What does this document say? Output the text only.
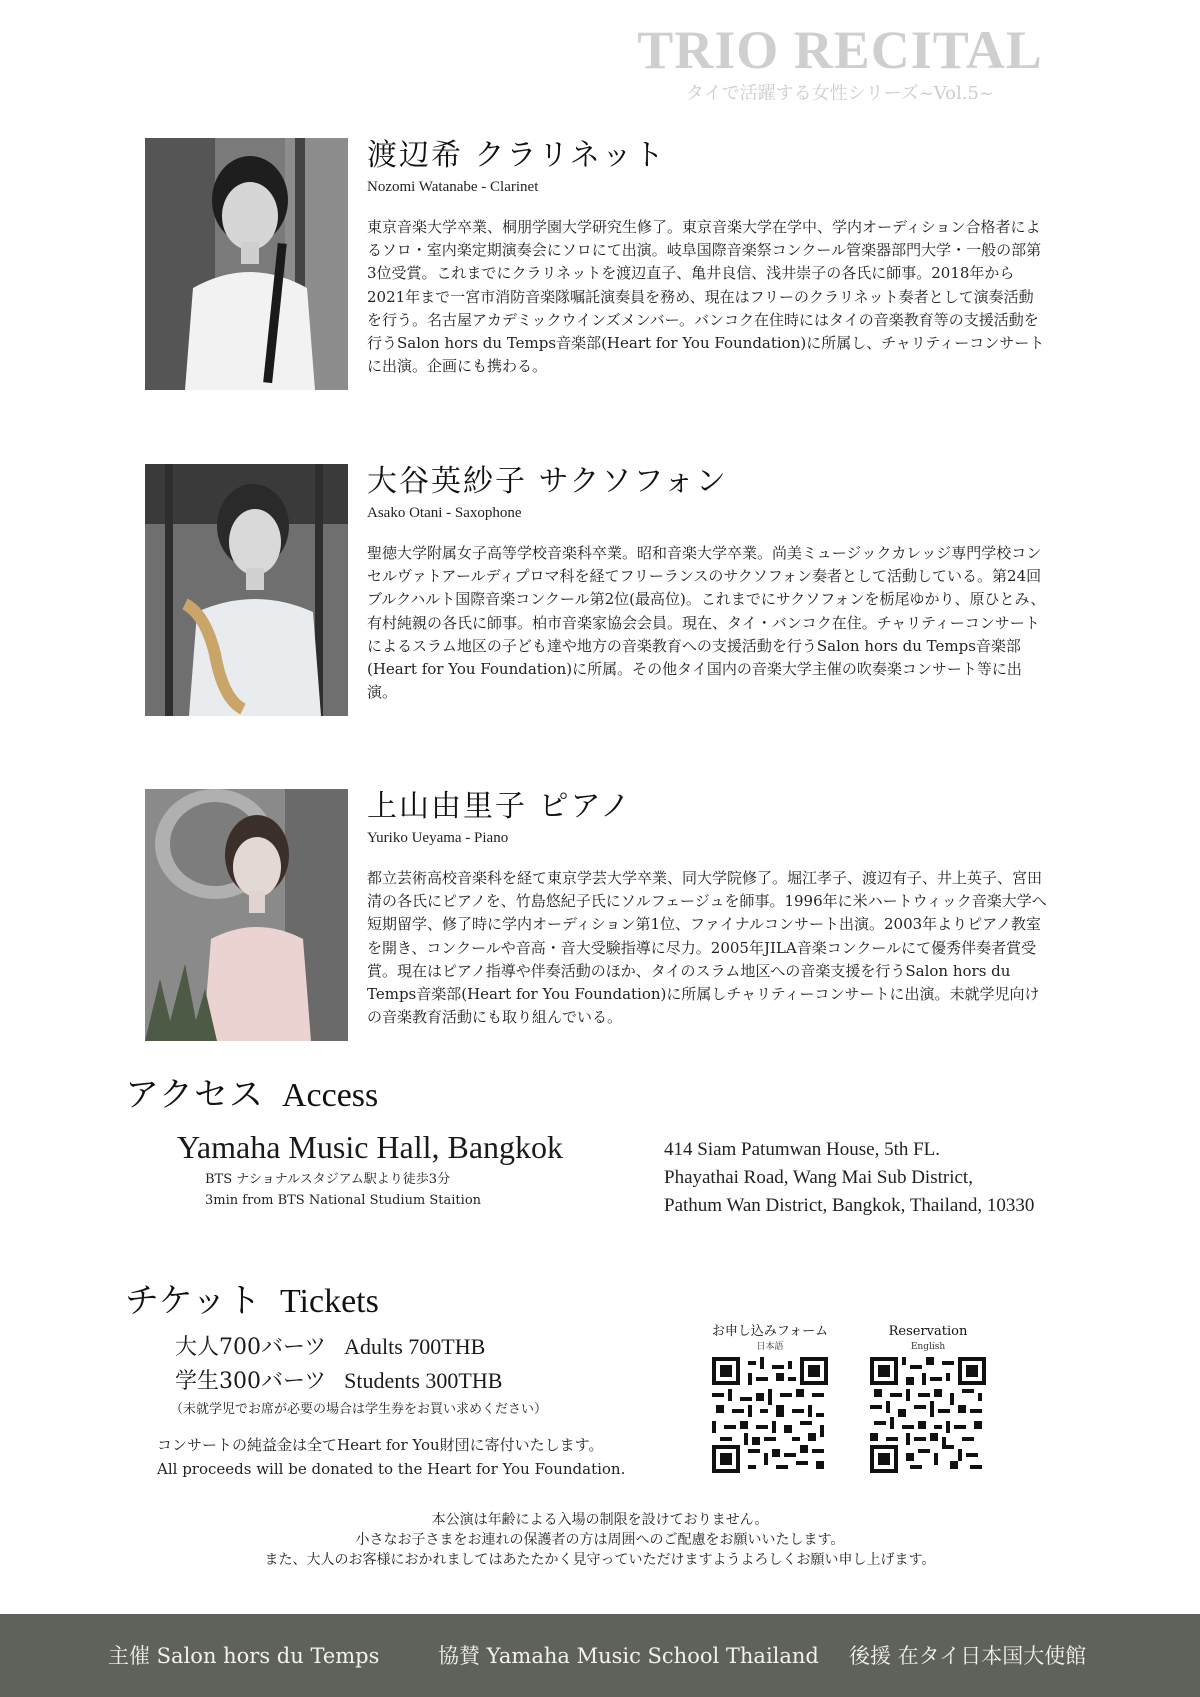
TRIO RECITAL
タイで活躍する女性シリーズ~Vol.5~
渡辺希 クラリネット
Nozomi Watanabe - Clarinet
東京音楽大学卒業、桐朋学園大学研究生修了。東京音楽大学在学中、学内オーディション合格者によるソロ・室内楽定期演奏会にソロにて出演。岐阜国際音楽祭コンクール管楽器部門大学・一般の部第3位受賞。これまでにクラリネットを渡辺直子、亀井良信、浅井崇子の各氏に師事。2018年から2021年まで一宮市消防音楽隊嘱託演奏員を務め、現在はフリーのクラリネット奏者として演奏活動を行う。名古屋アカデミックウインズメンバー。バンコク在住時にはタイの音楽教育等の支援活動を行うSalon hors du Temps音楽部(Heart for You Foundation)に所属し、チャリティーコンサートに出演。企画にも携わる。
大谷英紗子 サクソフォン
Asako Otani - Saxophone
聖徳大学附属女子高等学校音楽科卒業。昭和音楽大学卒業。尚美ミュージックカレッジ専門学校コンセルヴァトアールディプロマ科を経てフリーランスのサクソフォン奏者として活動している。第24回ブルクハルト国際音楽コンクール第2位(最高位)。これまでにサクソフォンを栃尾ゆかり、原ひとみ、有村純親の各氏に師事。柏市音楽家協会会員。現在、タイ・バンコク在住。チャリティーコンサートによるスラム地区の子ども達や地方の音楽教育への支援活動を行うSalon hors du Temps音楽部(Heart for You Foundation)に所属。その他タイ国内の音楽大学主催の吹奏楽コンサート等に出演。
上山由里子 ピアノ
Yuriko Ueyama - Piano
都立芸術高校音楽科を経て東京学芸大学卒業、同大学院修了。堀江孝子、渡辺有子、井上英子、宮田清の各氏にピアノを、竹島悠紀子氏にソルフェージュを師事。1996年に米ハートウィック音楽大学へ短期留学、修了時に学内オーディション第1位、ファイナルコンサート出演。2003年よりピアノ教室を開き、コンクールや音高・音大受験指導に尽力。2005年JILA音楽コンクールにて優秀伴奏者賞受賞。現在はピアノ指導や伴奏活動のほか、タイのスラム地区への音楽支援を行うSalon hors du Temps音楽部(Heart for You Foundation)に所属しチャリティーコンサートに出演。未就学児向けの音楽教育活動にも取り組んでいる。
アクセス Access
Yamaha Music Hall, Bangkok
BTS ナショナルスタジアム駅より徒歩3分
3min from BTS National Studium Staition
414 Siam Patumwan House, 5th FL.
Phayathai Road, Wang Mai Sub District,
Pathum Wan District, Bangkok, Thailand, 10330
チケット Tickets
大人700バーツ Adults 700THB
学生300バーツ Students 300THB
（未就学児でお席が必要の場合は学生券をお買い求めください）
コンサートの純益金は全てHeart for You財団に寄付いたします。
All proceeds will be donated to the Heart for You Foundation.
お申し込みフォーム
日本語
Reservation
English
本公演は年齢による入場の制限を設けておりません。
小さなお子さまをお連れの保護者の方は周囲へのご配慮をお願いいたします。
また、大人のお客様におかれましてはあたたかく見守っていただけますようよろしくお願い申し上げます。
主催 Salon hors du Temps	協賛 Yamaha Music School Thailand 後援 在タイ日本国大使館
